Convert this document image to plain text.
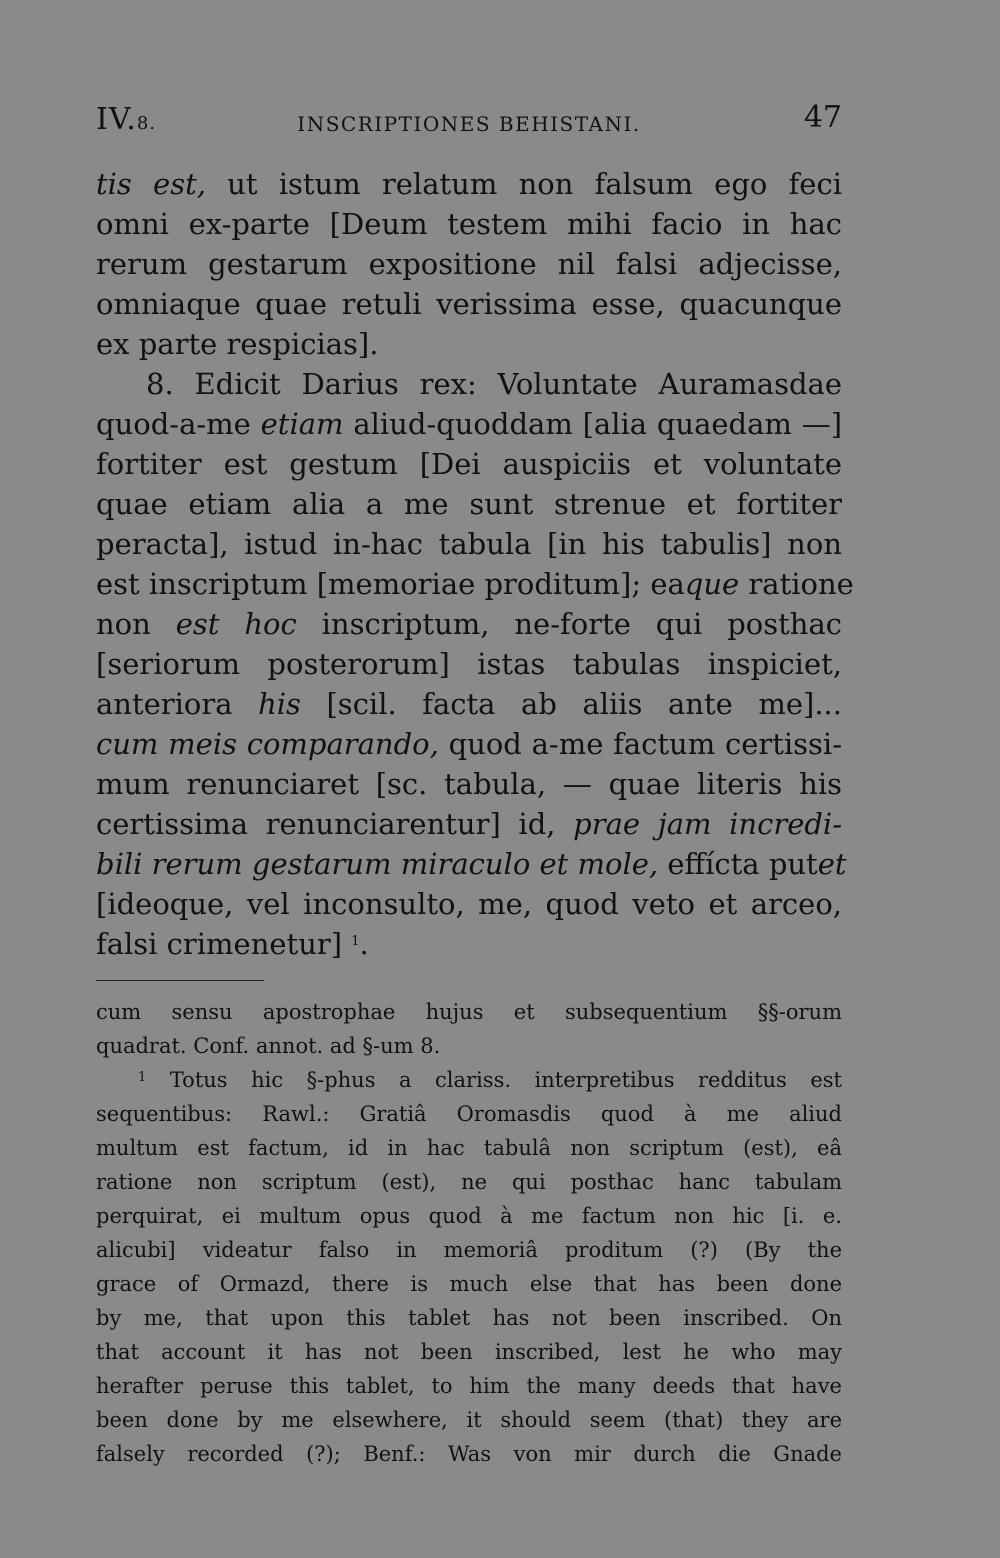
IV.8.	INSCRIPTIONES BEHISTANI.	47
tis est, ut istum relatum non falsum ego feci
omni ex-parte [Deum testem mihi facio in hac
rerum gestarum expositione nil falsi adjecisse,
omniaque quae retuli verissima esse, quacunque
ex parte respicias].
8. Edicit Darius rex: Voluntate Auramasdae
quod-a-me etiam aliud-quoddam [alia quaedam —]
fortiter est gestum [Dei auspiciis et voluntate
quae etiam alia a me sunt strenue et fortiter
peracta], istud in-hac tabula [in his tabulis] non
est inscriptum [memoriae proditum]; eaque ratione
non est hoc inscriptum, ne-forte qui posthac
[seriorum posterorum] istas tabulas inspiciet,
anteriora his [scil. facta ab aliis ante me]...
cum meis comparando, quod a-me factum certissi-
mum renunciaret [sc. tabula, — quae literis his
certissima renunciarentur] id, prae jam incredi-
bili rerum gestarum miraculo et mole, effícta putet
[ideoque, vel inconsulto, me, quod veto et arceo,
falsi crimenetur] $^1$.
cum sensu apostrophae hujus et subsequentium §§-orum
quadrat. Conf. annot. ad §-um 8.
$^1$ Totus hic §-phus a clariss. interpretibus redditus est
sequentibus: Rawl.: Gratiâ Oromasdis quod à me aliud
multum est factum, id in hac tabulâ non scriptum (est), eâ
ratione non scriptum (est), ne qui posthac hanc tabulam
perquirat, ei multum opus quod à me factum non hic [i. e.
alicubi] videatur falso in memoriâ proditum (?) (By the
grace of Ormazd, there is much else that has been done
by me, that upon this tablet has not been inscribed. On
that account it has not been inscribed, lest he who may
herafter peruse this tablet, to him the many deeds that have
been done by me elsewhere, it should seem (that) they are
falsely recorded (?); Benf.: Was von mir durch die Gnade
